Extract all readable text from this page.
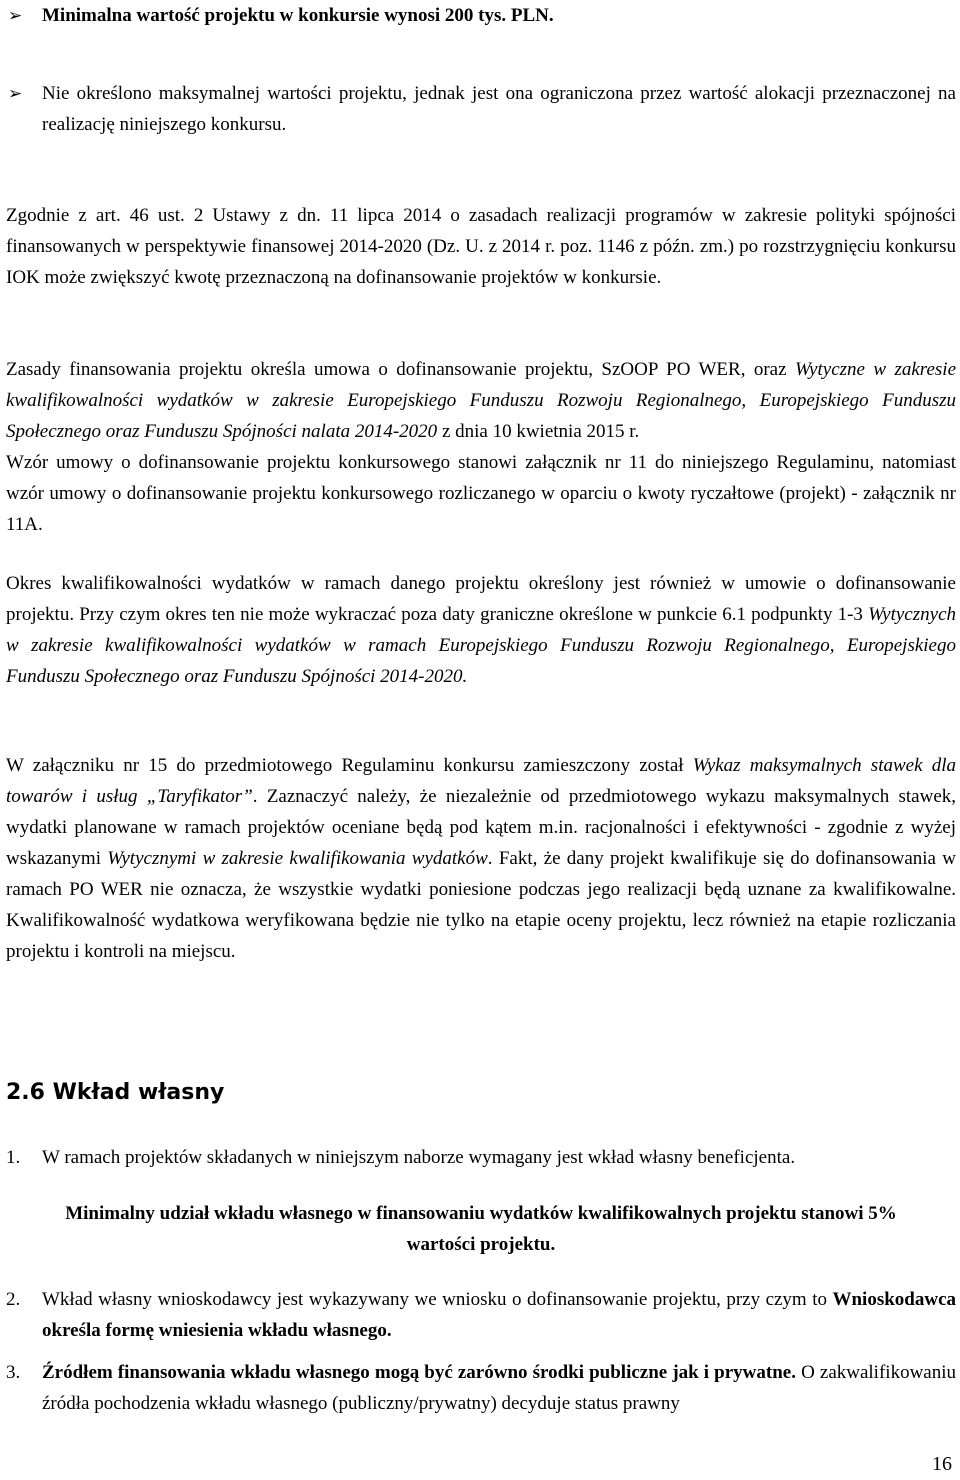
➢	Minimalna wartość projektu w konkursie wynosi 200 tys. PLN.

➢	Nie określono maksymalnej wartości projektu, jednak jest ona ograniczona przez wartość alokacji przeznaczonej na realizację niniejszego konkursu.

Zgodnie z art. 46 ust. 2 Ustawy z dn. 11 lipca 2014 o zasadach realizacji programów w zakresie polityki spójności finansowanych w perspektywie finansowej 2014-2020 (Dz. U. z 2014 r. poz. 1146 z późn. zm.) po rozstrzygnięciu konkursu IOK może zwiększyć kwotę przeznaczoną na dofinansowanie projektów w konkursie.

Zasady finansowania projektu określa umowa o dofinansowanie projektu, SzOOP PO WER, oraz Wytyczne w zakresie kwalifikowalności wydatków w zakresie Europejskiego Funduszu Rozwoju Regionalnego, Europejskiego Funduszu Społecznego oraz Funduszu Spójności nalata 2014-2020 z dnia 10 kwietnia 2015 r.

Wzór umowy o dofinansowanie projektu konkursowego stanowi załącznik nr 11 do niniejszego Regulaminu, natomiast wzór umowy o dofinansowanie projektu konkursowego rozliczanego w oparciu o kwoty ryczałtowe (projekt) - załącznik nr 11A.

Okres kwalifikowalności wydatków w ramach danego projektu określony jest również w umowie o dofinansowanie projektu. Przy czym okres ten nie może wykraczać poza daty graniczne określone w punkcie 6.1 podpunkty 1-3 Wytycznych w zakresie kwalifikowalności wydatków w ramach Europejskiego Funduszu Rozwoju Regionalnego, Europejskiego Funduszu Społecznego oraz Funduszu Spójności 2014-2020.

W załączniku nr 15 do przedmiotowego Regulaminu konkursu zamieszczony został Wykaz maksymalnych stawek dla towarów i usług „Taryfikator”. Zaznaczyć należy, że niezależnie od przedmiotowego wykazu maksymalnych stawek, wydatki planowane w ramach projektów oceniane będą pod kątem m.in. racjonalności i efektywności - zgodnie z wyżej wskazanymi Wytycznymi w zakresie kwalifikowania wydatków. Fakt, że dany projekt kwalifikuje się do dofinansowania w ramach PO WER nie oznacza, że wszystkie wydatki poniesione podczas jego realizacji będą uznane za kwalifikowalne. Kwalifikowalność wydatkowa weryfikowana będzie nie tylko na etapie oceny projektu, lecz również na etapie rozliczania projektu i kontroli na miejscu.

2.6 Wkład własny
1.	W ramach projektów składanych w niniejszym naborze wymagany jest wkład własny beneficjenta.

Minimalny udział wkładu własnego w finansowaniu wydatków kwalifikowalnych projektu stanowi 5% wartości projektu.

2.	Wkład własny wnioskodawcy jest wykazywany we wniosku o dofinansowanie projektu, przy czym to Wnioskodawca określa formę wniesienia wkładu własnego.

3.	Źródłem finansowania wkładu własnego mogą być zarówno środki publiczne jak i prywatne. O zakwalifikowaniu źródła pochodzenia wkładu własnego (publiczny/prywatny) decyduje status prawny

16
